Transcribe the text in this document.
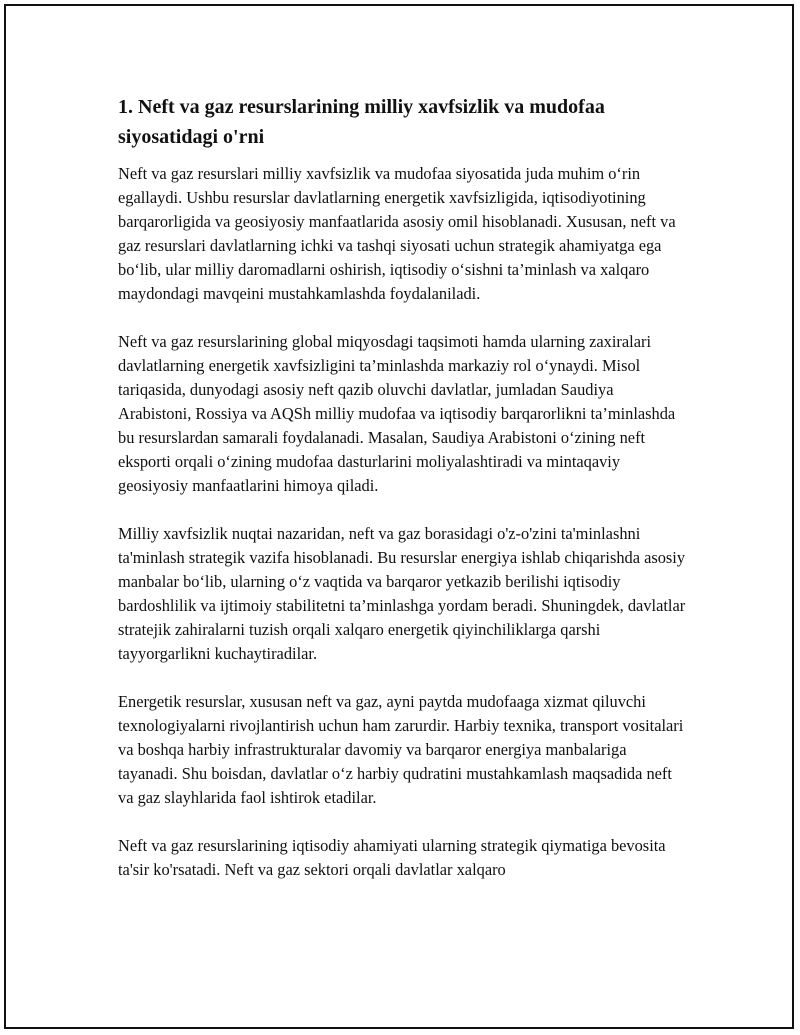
1. Neft va gaz resurslarining milliy xavfsizlik va mudofaa siyosatidagi o'rni

Neft va gaz resurslari milliy xavfsizlik va mudofaa siyosatida juda muhim o‘rin egallaydi. Ushbu resurslar davlatlarning energetik xavfsizligida, iqtisodiyotining barqarorligida va geosiyosiy manfaatlarida asosiy omil hisoblanadi. Xususan, neft va gaz resurslari davlatlarning ichki va tashqi siyosati uchun strategik ahamiyatga ega bo‘lib, ular milliy daromadlarni oshirish, iqtisodiy o‘sishni ta’minlash va xalqaro maydondagi mavqeini mustahkamlashda foydalaniladi.

Neft va gaz resurslarining global miqyosdagi taqsimoti hamda ularning zaxiralari davlatlarning energetik xavfsizligini ta’minlashda markaziy rol o‘ynaydi. Misol tariqasida, dunyodagi asosiy neft qazib oluvchi davlatlar, jumladan Saudiya Arabistoni, Rossiya va AQSh milliy mudofaa va iqtisodiy barqarorlikni ta’minlashda bu resurslardan samarali foydalanadi. Masalan, Saudiya Arabistoni o‘zining neft eksporti orqali o‘zining mudofaa dasturlarini moliyalashtiradi va mintaqaviy geosiyosiy manfaatlarini himoya qiladi.

Milliy xavfsizlik nuqtai nazaridan, neft va gaz borasidagi o'z-o'zini ta'minlashni ta'minlash strategik vazifa hisoblanadi. Bu resurslar energiya ishlab chiqarishda asosiy manbalar bo‘lib, ularning o‘z vaqtida va barqaror yetkazib berilishi iqtisodiy bardoshlilik va ijtimoiy stabilitetni ta’minlashga yordam beradi. Shuningdek, davlatlar stratejik zahiralarni tuzish orqali xalqaro energetik qiyinchiliklarga qarshi tayyorgarlikni kuchaytiradilar.

Energetik resurslar, xususan neft va gaz, ayni paytda mudofaaga xizmat qiluvchi texnologiyalarni rivojlantirish uchun ham zarurdir. Harbiy texnika, transport vositalari va boshqa harbiy infrastrukturalar davomiy va barqaror energiya manbalariga tayanadi. Shu boisdan, davlatlar o‘z harbiy qudratini mustahkamlash maqsadida neft va gaz slayhlarida faol ishtirok etadilar.

Neft va gaz resurslarining iqtisodiy ahamiyati ularning strategik qiymatiga bevosita ta'sir ko'rsatadi. Neft va gaz sektori orqali davlatlar xalqaro
